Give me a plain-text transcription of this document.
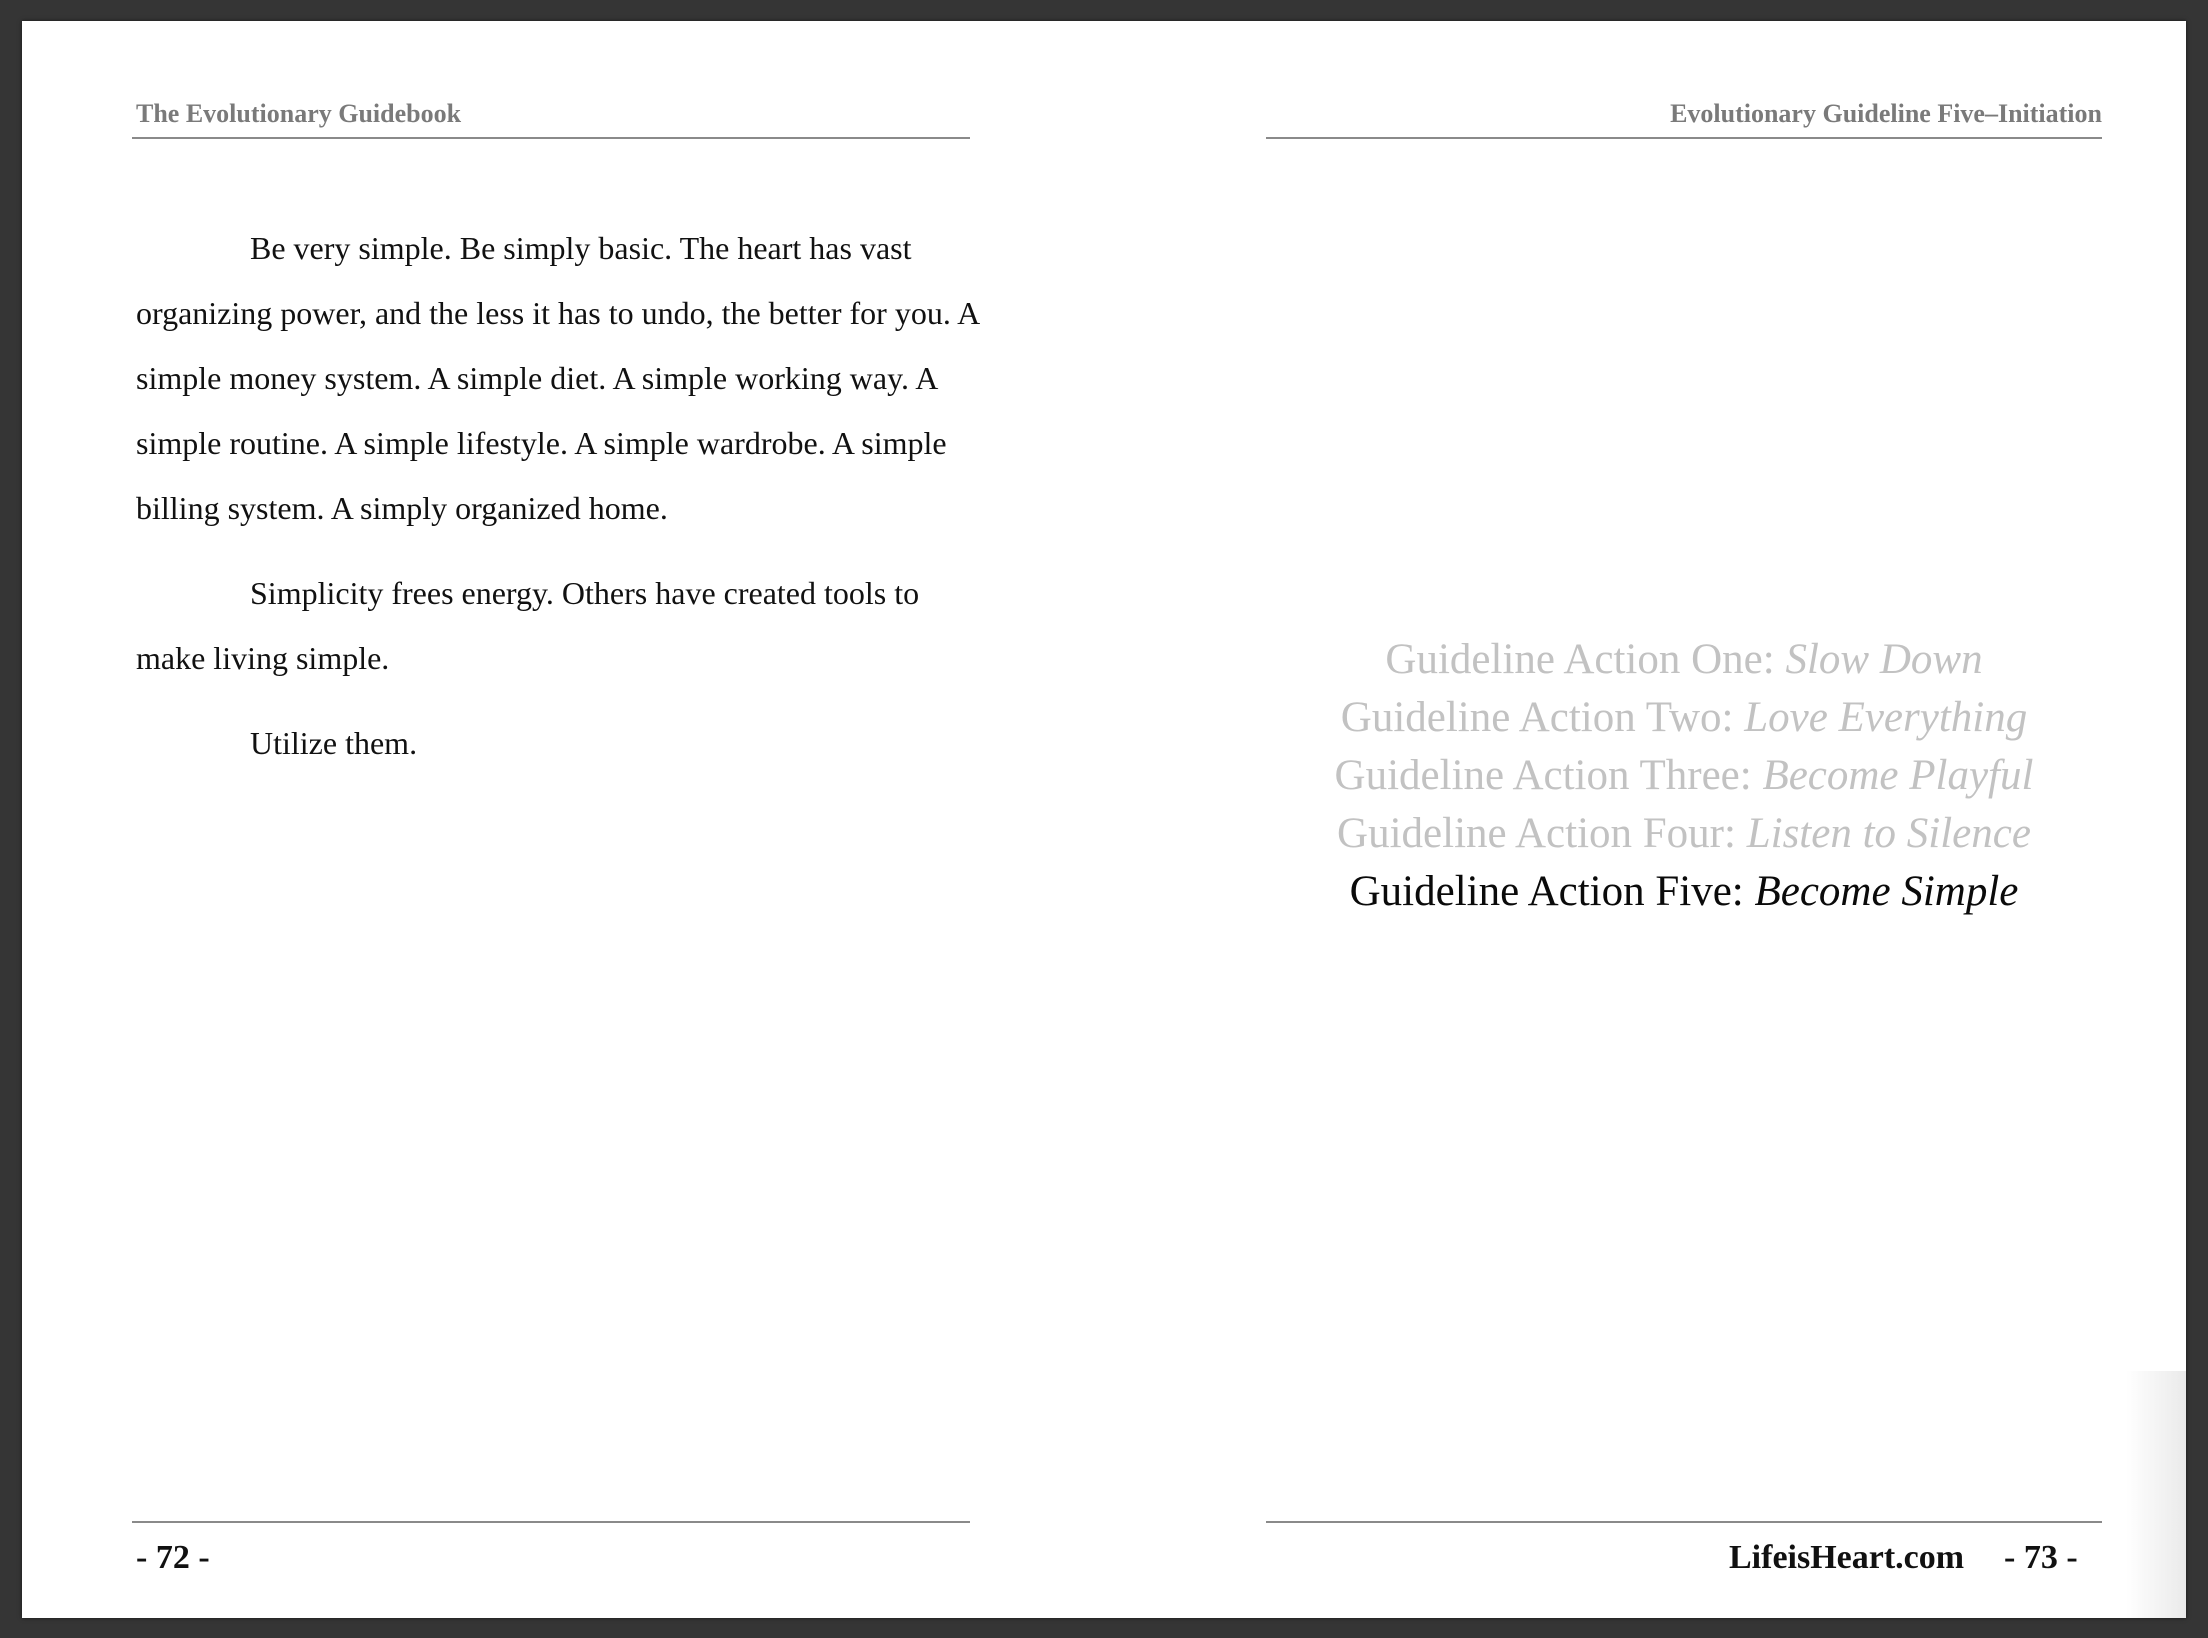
The Evolutionary Guidebook

Be very simple. Be simply basic. The heart has vast organizing power, and the less it has to undo, the better for you. A simple money system. A simple diet. A simple working way. A simple routine. A simple lifestyle. A simple wardrobe. A simple billing system. A simply organized home.

Simplicity frees energy. Others have created tools to make living simple.

Utilize them.

- 72 -
Evolutionary Guideline Five–Initiation
Guideline Action One: Slow Down
Guideline Action Two: Love Everything
Guideline Action Three: Become Playful
Guideline Action Four: Listen to Silence
Guideline Action Five: Become Simple
LifeisHeart.com - 73 -
